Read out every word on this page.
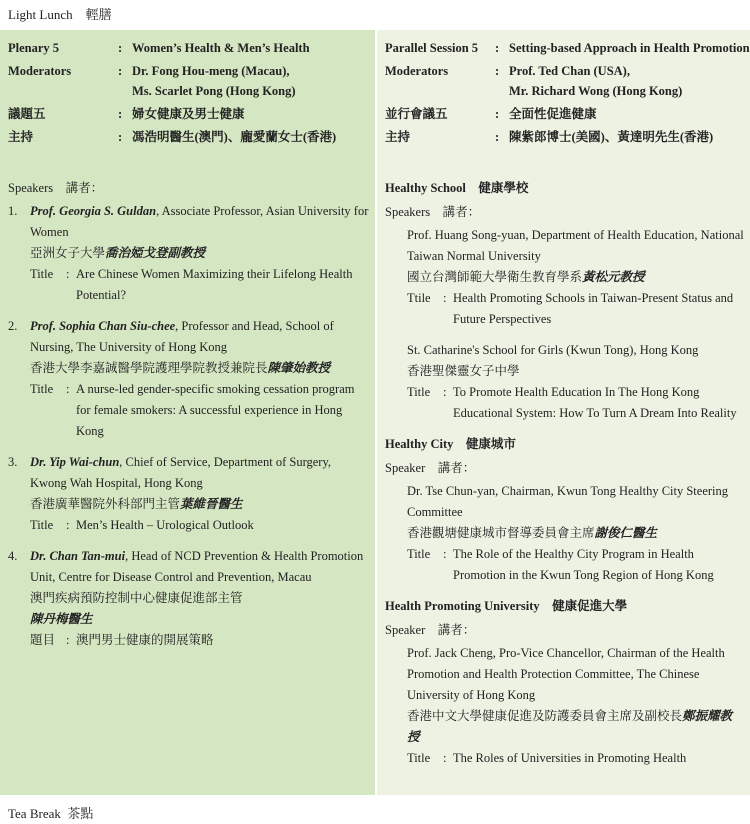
Light Lunch 輕膳
Plenary 5	: Women’s Health & Men’s Health
Moderators	: Dr. Fong Hou-meng (Macau),
Ms. Scarlet Pong (Hong Kong)
議題五	: 婦女健康及男士健康
主持	: 馮浩明醫生(澳門)、龐愛蘭女士(香港)
Speakers　講者：
1.	Prof. Georgia S. Guldan, Associate Professor, Asian University for Women
亞洲女子大學喬治婭戈登副教授
Title	: Are Chinese Women Maximizing their Lifelong Health Potential?
2.	Prof. Sophia Chan Siu-chee, Professor and Head, School of Nursing, The University of Hong Kong
香港大學李嘉誠醫學院護理學院教授兼院長陳肇始教授
Title	: A nurse-led gender-specific smoking cessation program for female smokers: A successful experience in Hong Kong
3.	Dr. Yip Wai-chun, Chief of Service, Department of Surgery, Kwong Wah Hospital, Hong Kong
香港廣華醫院外科部門主管葉維晉醫生
Title	: Men’s Health – Urological Outlook
4.	Dr. Chan Tan-mui, Head of NCD Prevention & Health Promotion Unit, Centre for Disease Control and Prevention, Macau
澳門疾病預防控制中心健康促進部主管
陳丹梅醫生
題目 : 澳門男士健康的開展策略
Parallel Session 5	: Setting-based Approach in Health Promotion
Moderators	: Prof. Ted Chan (USA),
Mr. Richard Wong (Hong Kong)
並行會議五	: 全面性促進健康
主持	: 陳紫郎博士(美國)、黃達明先生(香港)
Healthy School　健康學校
Speakers　講者：
Prof. Huang Song-yuan, Department of Health Education, National Taiwan Normal University
國立台灣師範大學衛生教育學系黃松元教授
Ttile : Health Promoting Schools in Taiwan-Present Status and Future Perspectives
St. Catharine's School for Girls (Kwun Tong), Hong Kong
香港聖傑靈女子中學
Title	: To Promote Health Education In The Hong Kong Educational System: How To Turn A Dream Into Reality
Healthy City　健康城市
Speaker　講者：
Dr. Tse Chun-yan, Chairman, Kwun Tong Healthy City Steering Committee
香港觀塘健康城市督導委員會主席謝俊仁醫生
Title	: The Role of the Healthy City Program in Health Promotion in the Kwun Tong Region of Hong Kong
Health Promoting University　健康促進大學
Speaker　講者：
Prof. Jack Cheng, Pro-Vice Chancellor, Chairman of the Health Promotion and Health Protection Committee, The Chinese University of Hong Kong
香港中文大學健康促進及防護委員會主席及副校長鄭振耀教授
Title	: The Roles of Universities in Promoting Health
Tea Break 茶點
